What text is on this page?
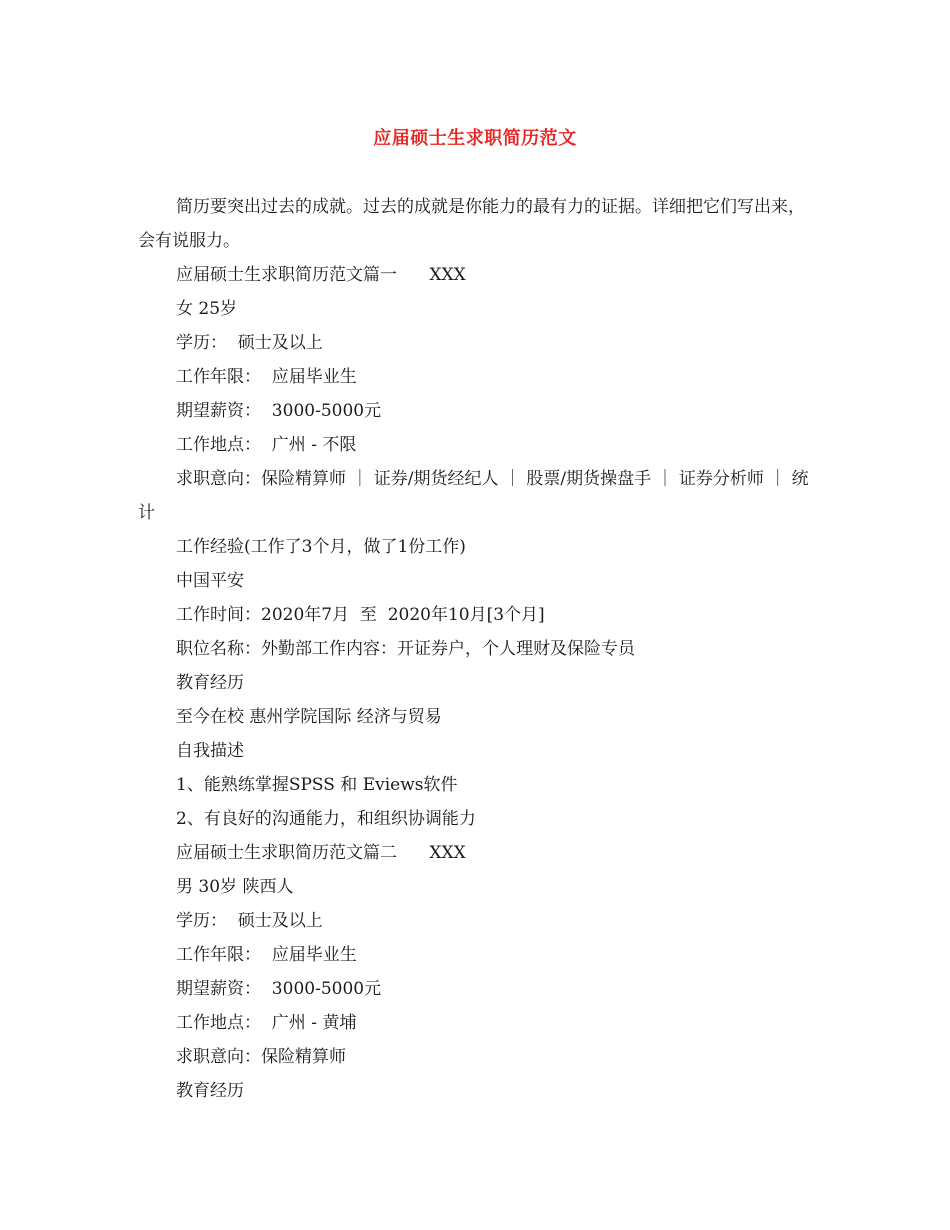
应届硕士生求职简历范文

简历要突出过去的成就。过去的成就是你能力的最有力的证据。详细把它们写出来，会有说服力。

应届硕士生求职简历范文篇一      XXX

女 25岁

学历：  硕士及以上

工作年限：  应届毕业生

期望薪资：  3000-5000元

工作地点：  广州 - 不限

求职意向：保险精算师 ｜ 证券/期货经纪人 ｜ 股票/期货操盘手 ｜ 证券分析师 ｜ 统计

工作经验(工作了3个月，做了1份工作)

中国平安

工作时间：2020年7月  至  2020年10月[3个月]

职位名称：外勤部工作内容：开证券户，个人理财及保险专员

教育经历

至今在校 惠州学院国际 经济与贸易

自我描述

1、能熟练掌握SPSS 和 Eviews软件

2、有良好的沟通能力，和组织协调能力

应届硕士生求职简历范文篇二      XXX

男 30岁 陕西人

学历：  硕士及以上

工作年限：  应届毕业生

期望薪资：  3000-5000元

工作地点：  广州 - 黄埔

求职意向：保险精算师

教育经历
